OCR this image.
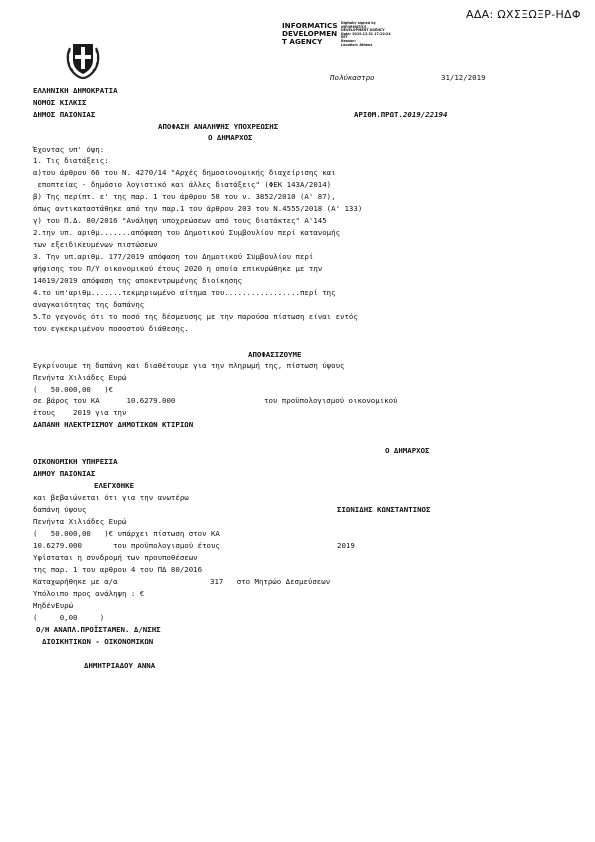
ΑΔΑ: ΩΧΣΞΩΞΡ-ΗΔΦ
INFORMATICS
DEVELOPMEN
T AGENCY
Digitally signed by
INFORMATICS
DEVELOPMENT AGENCY
Date: 2019.12.31 17:22:24
EET
Reason:
Location: Athens
Πολύκαστρο	31/12/2019
ΕΛΛΗΝΙΚΗ ΔΗΜΟΚΡΑΤΙΑ
ΝΟΜΟΣ ΚΙΛΚΙΣ
ΔΗΜΟΣ ΠΑΙΟΝΙΑΣ	ΑΡΙΘΜ.ΠΡΩΤ.2019/22194
ΑΠΟΦΑΣΗ ΑΝΑΛΗΨΗΣ ΥΠΟΧΡΕΩΣΗΣ
Ο ΔΗΜΑΡΧΟΣ
Έχοντας υπ' όψη:
1. Τις διατάξεις:
α)του άρθρου 66 του Ν. 4270/14 "Αρχές δημοσιονομικής διαχείρισης και
εποπτείας - δημόσιο λογιστικό και άλλες διατάξεις" (ΦΕΚ 143Α/2014)
β) Της περίπτ. ε' της παρ. 1 του άρθρου 58 του ν. 3852/2010 (Α' 87),
όπως αντικαταστάθηκε από την παρ.1 του άρθρου 203 του Ν.4555/2018 (Α' 133)
γ) του Π.Δ. 80/2016 "Ανάληψη υποχρεώσεων από τους διατάκτες" Α'145
2.την υπ. αριθμ.......απόφαση του Δημοτικού Συμβουλίου περί κατανομής
των εξειδικευμένων πιστώσεων
3. Την υπ.αριθμ. 177/2019 απόφαση του Δημοτικού Συμβουλίου περί
ψήφισης του Π/Υ οικονομικού έτους 2020 η οποία επικυρώθηκε με την
14619/2019 απόφαση της αποκεντρωμένης διοίκησης
4.το υπ'αριθμ.......τεκμηριωμένο αίτημα του.................περί της
αναγκαιότητας της δαπάνης
5.Το γεγονός ότι το ποσό της δέσμευσης με την παρούσα πίστωση είναι εντός
του εγκεκριμένου ποσοστού διάθεσης.
ΑΠΟΦΑΣΙΖΟΥΜΕ
Εγκρίνουμε τη δαπάνη και διαθέτουμε για την πληρωμή της, πίστωση ύψους
Πενήντα Χιλιάδες Ευρώ
(   50.000,00   )€
σε βάρος του ΚΑ      10.6279.000	του προϋπολογισμού οικονομικού
έτους    2019 για την
ΔΑΠΑΝΗ ΗΛΕΚΤΡΙΣΜΟΥ ΔΗΜΟΤΙΚΩΝ ΚΤΙΡΙΩΝ
Ο ΔΗΜΑΡΧΟΣ
ΟΙΚΟΝΟΜΙΚΗ ΥΠΗΡΕΣΙΑ
ΔΗΜΟΥ ΠΑΙΟΝΙΑΣ
ΕΛΕΓΧΘΗΚΕ
και βεβαιώνεται ότι για την ανωτέρω
δαπάνη ύψους	ΣΙΩΝΙΔΗΣ ΚΩΝΣΤΑΝΤΙΝΟΣ
Πενήντα Χιλιάδες Ευρώ
(   50.000,00   )€ υπάρχει πίστωση στον ΚΑ
10.6279.000       του προϋπολογισμού έτους	2019
Υφίσταται η συνδρομή των προυποθέσεων
της παρ. 1 του αρθρου 4 του ΠΔ 80/2016
Καταχωρήθηκε με α/α	317   στο Μητρώο Δεσμεύσεων
Υπόλοιπο προς ανάληψη : €
ΜηδένΕυρώ
(     0,00     )
Ο/Η ΑΝΑΠΛ.ΠΡΟΪΣΤΑΜΕΝ. Δ/ΝΣΗΣ
ΔΙΟΙΚΗΤΙΚΩΝ - ΟΙΚΟΝΟΜΙΚΩΝ
ΔΗΜΗΤΡΙΑΔΟΥ ΑΝΝΑ
